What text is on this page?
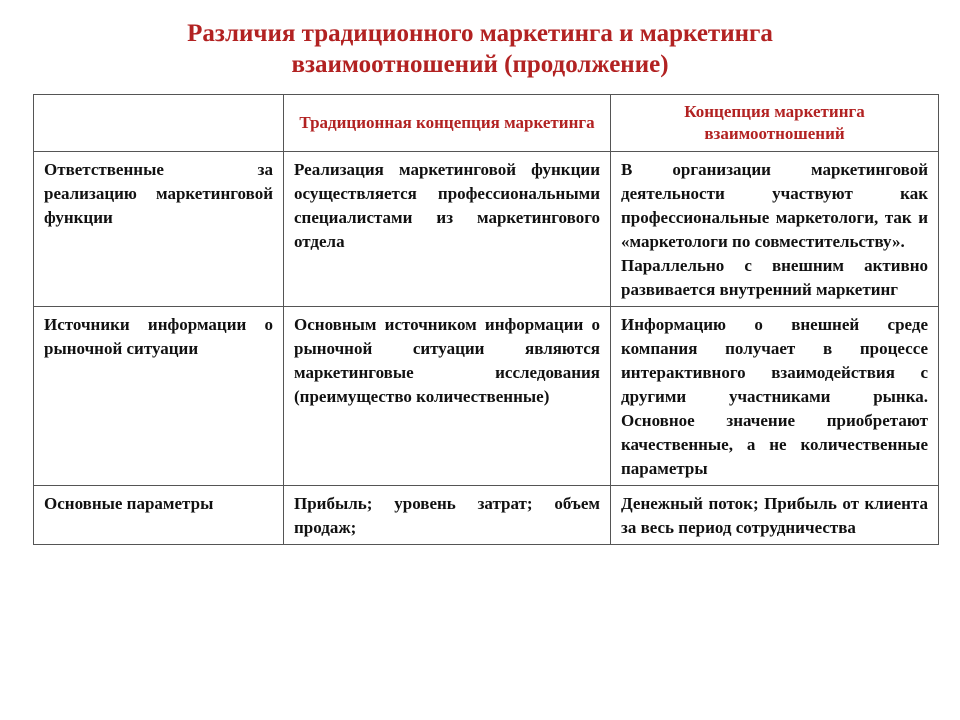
Различия традиционного маркетинга и маркетинга
взаимоотношений (продолжение)
	Традиционная концепция маркетинга	Концепция маркетинга взаимоотношений
Ответственные за реализацию маркетинговой функции	Реализация маркетинговой функции осуществляется профессиональными специалистами из маркетингового отдела	В организации маркетинговой деятельности участвуют как профессиональные маркетологи, так и «маркетологи по совместительству».
Параллельно с внешним активно развивается внутренний маркетинг

Источники информации о рыночной ситуации	Основным источником информации о рыночной ситуации являются маркетинговые исследования (преимущество количественные)	Информацию о внешней среде компания получает в процессе интерактивного взаимодействия с другими участниками рынка. Основное значение приобретают качественные, а не количественные параметры

Основные параметры	Прибыль; уровень затрат; объем продаж;	Денежный поток; Прибыль от клиента за весь период сотрудничества
